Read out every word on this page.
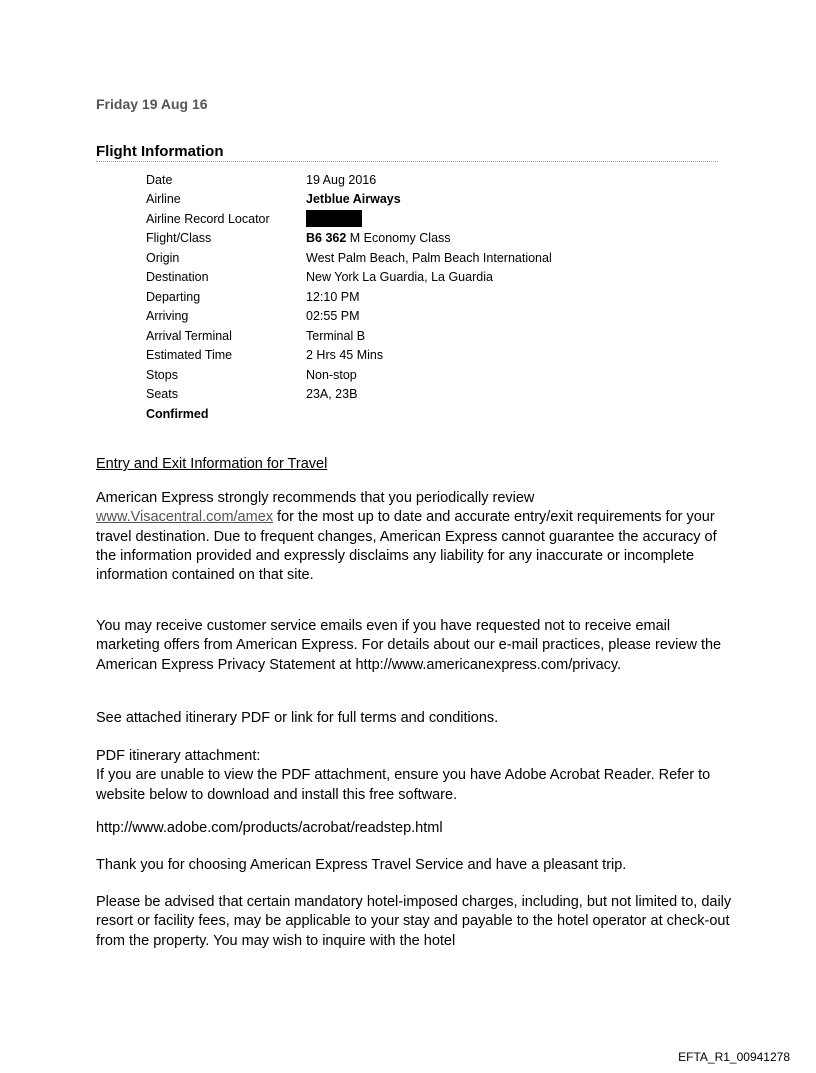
Friday 19 Aug 16
Flight Information
Date	19 Aug 2016
Airline	Jetblue Airways
Airline Record Locator	
Flight/Class	B6 362 M Economy Class
Origin	West Palm Beach, Palm Beach International
Destination	New York La Guardia, La Guardia
Departing	12:10 PM
Arriving	02:55 PM
Arrival Terminal	Terminal B
Estimated Time	2 Hrs 45 Mins
Stops	Non-stop
Seats	23A, 23B
Confirmed	
Entry and Exit Information for Travel

American Express strongly recommends that you periodically review
www.Visacentral.com/amex for the most up to date and accurate entry/exit requirements for your travel destination. Due to frequent changes, American Express cannot guarantee the accuracy of the information provided and expressly disclaims any liability for any inaccurate or incomplete information contained on that site.

You may receive customer service emails even if you have requested not to receive email marketing offers from American Express. For details about our e-mail practices, please review the American Express Privacy Statement at http://www.americanexpress.com/privacy.

See attached itinerary PDF or link for full terms and conditions.

PDF itinerary attachment:
If you are unable to view the PDF attachment, ensure you have Adobe Acrobat Reader. Refer to website below to download and install this free software.

http://www.adobe.com/products/acrobat/readstep.html

Thank you for choosing American Express Travel Service and have a pleasant trip.

Please be advised that certain mandatory hotel-imposed charges, including, but not limited to, daily resort or facility fees, may be applicable to your stay and payable to the hotel operator at check-out from the property. You may wish to inquire with the hotel

EFTA_R1_00941278
